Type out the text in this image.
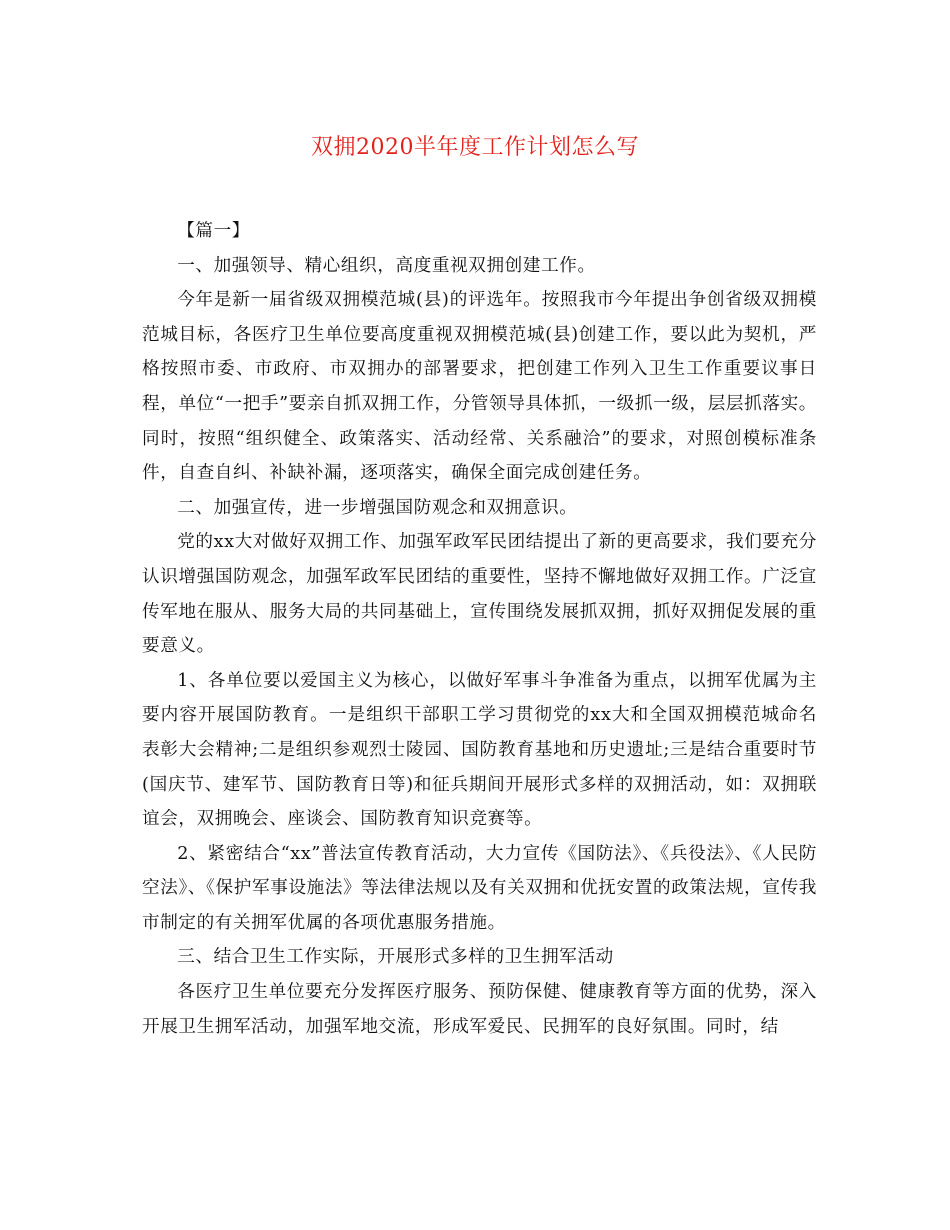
双拥2020半年度工作计划怎么写

【篇一】

一、加强领导、精心组织，高度重视双拥创建工作。

今年是新一届省级双拥模范城(县)的评选年。按照我市今年提出争创省级双拥模范城目标，各医疗卫生单位要高度重视双拥模范城(县)创建工作，要以此为契机，严格按照市委、市政府、市双拥办的部署要求，把创建工作列入卫生工作重要议事日程，单位“一把手”要亲自抓双拥工作，分管领导具体抓，一级抓一级，层层抓落实。同时，按照“组织健全、政策落实、活动经常、关系融洽”的要求，对照创模标准条件，自查自纠、补缺补漏，逐项落实，确保全面完成创建任务。

二、加强宣传，进一步增强国防观念和双拥意识。

党的xx大对做好双拥工作、加强军政军民团结提出了新的更高要求，我们要充分认识增强国防观念，加强军政军民团结的重要性，坚持不懈地做好双拥工作。广泛宣传军地在服从、服务大局的共同基础上，宣传围绕发展抓双拥，抓好双拥促发展的重要意义。

1、各单位要以爱国主义为核心，以做好军事斗争准备为重点，以拥军优属为主要内容开展国防教育。一是组织干部职工学习贯彻党的xx大和全国双拥模范城命名表彰大会精神;二是组织参观烈士陵园、国防教育基地和历史遗址;三是结合重要时节(国庆节、建军节、国防教育日等)和征兵期间开展形式多样的双拥活动，如：双拥联谊会，双拥晚会、座谈会、国防教育知识竞赛等。

2、紧密结合“xx”普法宣传教育活动，大力宣传《国防法》、《兵役法》、《人民防空法》、《保护军事设施法》等法律法规以及有关双拥和优抚安置的政策法规，宣传我市制定的有关拥军优属的各项优惠服务措施。

三、结合卫生工作实际，开展形式多样的卫生拥军活动

各医疗卫生单位要充分发挥医疗服务、预防保健、健康教育等方面的优势，深入开展卫生拥军活动，加强军地交流，形成军爱民、民拥军的良好氛围。同时，结
